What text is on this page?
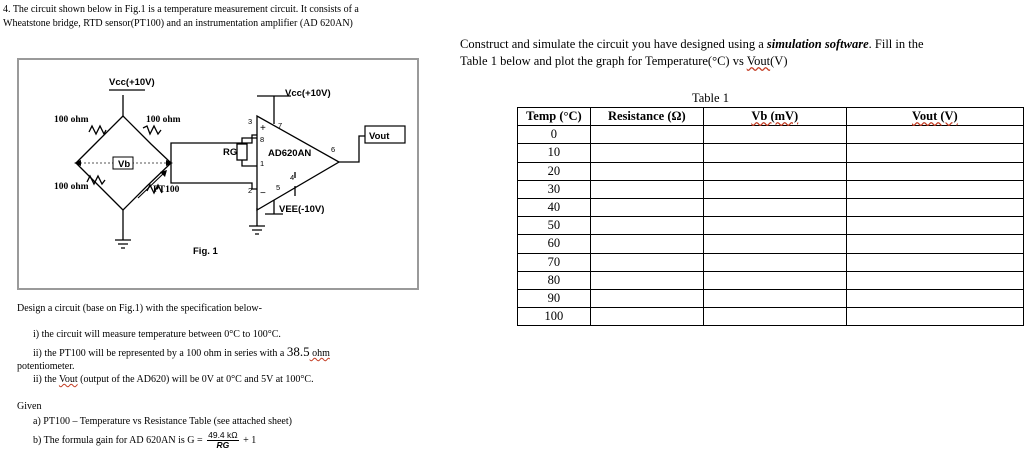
4. The circuit shown below in Fig.1 is a temperature measurement circuit. It consists of a
Wheatstone bridge, RTD sensor(PT100) and an instrumentation amplifier (AD 620AN)
Construct and simulate the circuit you have designed using a simulation software. Fill in the
Table 1 below and plot the graph for Temperature(°C) vs Vout(V)
Vcc(+10V)
Vcc(+10V)
VEE(-10V)
Vb
RG	AD620AN
Vout
Fig. 1
100 ohm	100 ohm
100 ohm	PT100
3
2
8
1
7
6
4
5
+
−
Design a circuit (base on Fig.1) with the specification below-
i) the circuit will measure temperature between 0°C to 100°C.
ii) the PT100 will be represented by a 100 ohm in series with a 38.5 ohm
potentiometer.
ii) the Vout (output of the AD620) will be 0V at 0°C and 5V at 100°C.
Given
a) PT100 – Temperature vs Resistance Table (see attached sheet)
b) The formula gain for AD 620AN is $G = \frac{49.4 k\Omega}{RG} + 1$
Table 1
Temp (°C)	Resistance (Ω)	Vb (mV)	Vout (V)
0			
10			
20			
30			
40			
50			
60			
70			
80			
90			
100			
